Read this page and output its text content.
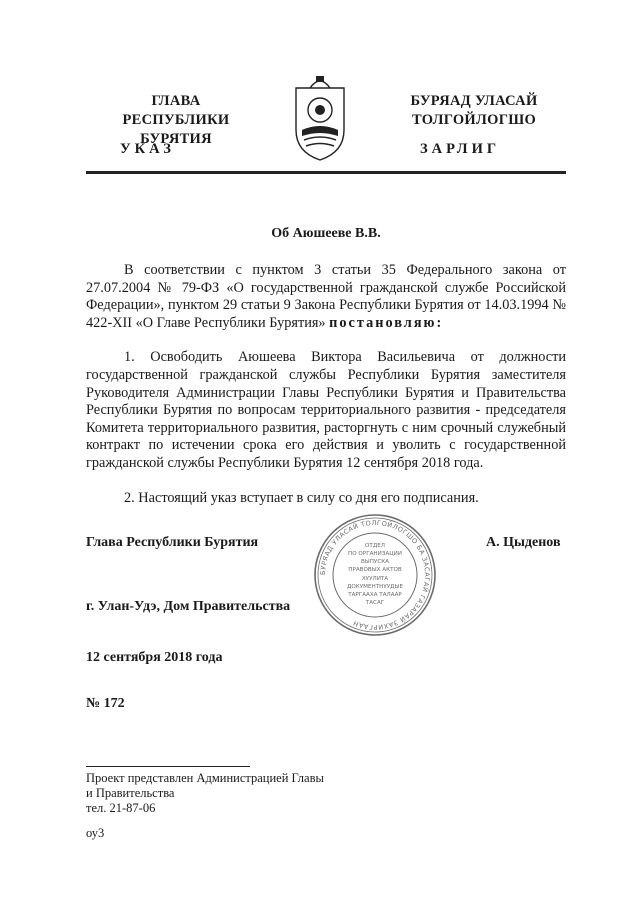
ГЛАВА
РЕСПУБЛИКИ БУРЯТИЯ
БУРЯАД УЛАСАЙ
ТОЛГОЙЛОГШО
УКАЗ	ЗАРЛИГ
Об Аюшееве В.В.

В соответствии с пунктом 3 статьи 35 Федерального закона от 27.07.2004 № 79-ФЗ «О государственной гражданской службе Российской Федерации», пунктом 29 статьи 9 Закона Республики Бурятия от 14.03.1994 № 422-XII «О Главе Республики Бурятия» постановляю:

1. Освободить Аюшеева Виктора Васильевича от должности государственной гражданской службы Республики Бурятия заместителя Руководителя Администрации Главы Республики Бурятия и Правительства Республики Бурятия по вопросам территориального развития - председателя Комитета территориального развития, расторгнуть с ним срочный служебный контракт по истечении срока его действия и уволить с государственной гражданской службы Республики Бурятия 12 сентября 2018 года.

2. Настоящий указ вступает в силу со дня его подписания.

Глава Республики Бурятия	А. Цыденов
г. Улан-Удэ, Дом Правительства
12 сентября 2018 года
№ 172
БУРЯАД УЛАСАЙ ТОЛГОЙЛОГШО БА ЗАСАГАЙ ГАЗАРАЙ ЗАХИРГААН
ОТДЕЛ
ПО ОРГАНИЗАЦИИ
ВЫПУСКА
ПРАВОВЫХ АКТОВ
ХУУЛИТА
ДОКУМЕНТНУУДЫЕ
ТАРГААХА ТАЛААР
ТАСАГ
Проект представлен Администрацией Главы
и Правительства
тел. 21-87-06
оу3
